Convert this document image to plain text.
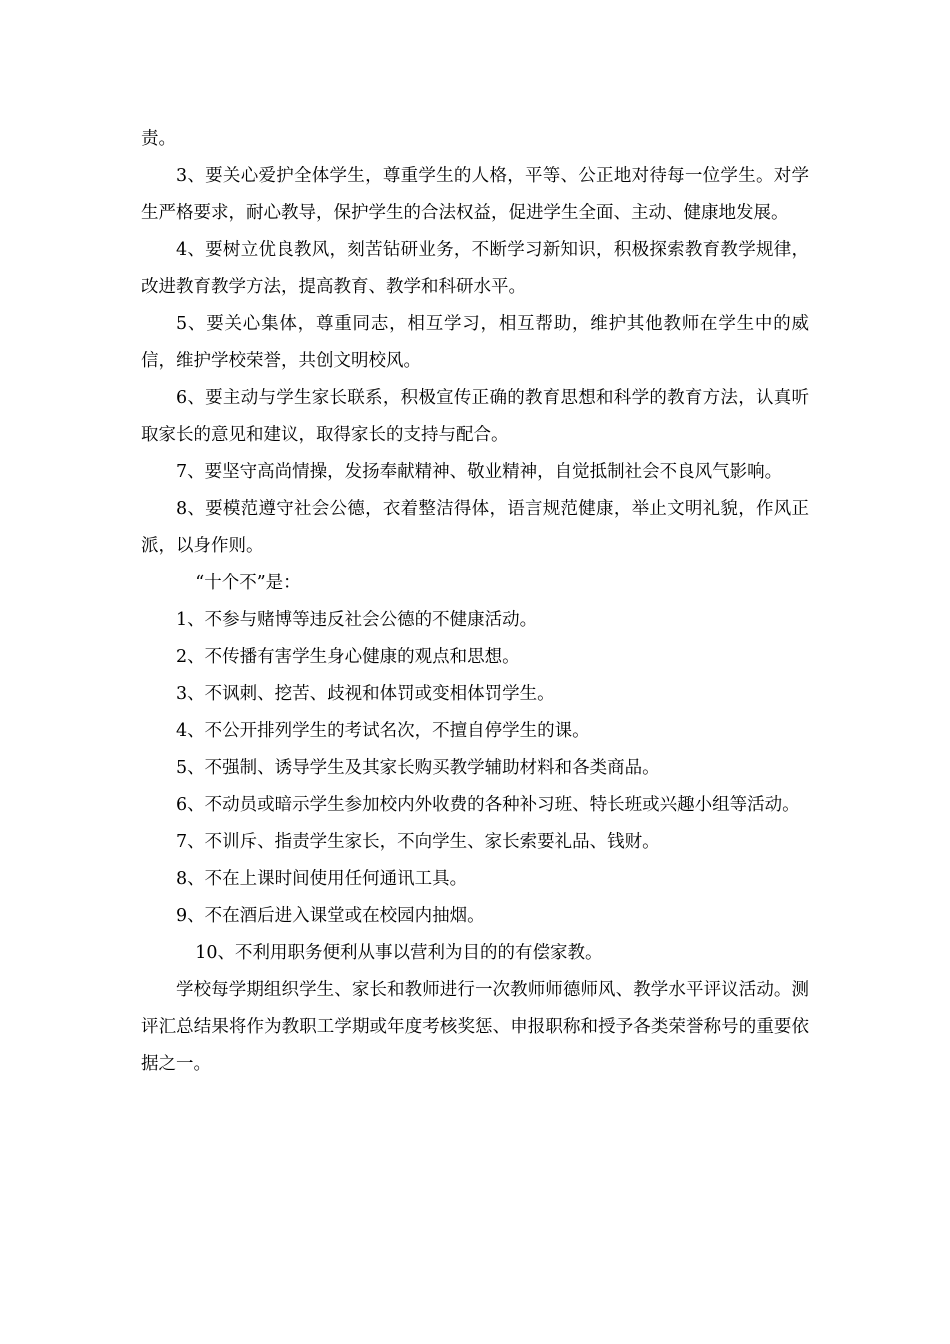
责。

3、要关心爱护全体学生，尊重学生的人格，平等、公正地对待每一位学生。对学生严格要求，耐心教导，保护学生的合法权益，促进学生全面、主动、健康地发展。

4、要树立优良教风，刻苦钻研业务，不断学习新知识，积极探索教育教学规律，改进教育教学方法，提高教育、教学和科研水平。

5、要关心集体，尊重同志，相互学习，相互帮助，维护其他教师在学生中的威信，维护学校荣誉，共创文明校风。

6、要主动与学生家长联系，积极宣传正确的教育思想和科学的教育方法，认真听取家长的意见和建议，取得家长的支持与配合。

7、要坚守高尚情操，发扬奉献精神、敬业精神，自觉抵制社会不良风气影响。

8、要模范遵守社会公德，衣着整洁得体，语言规范健康，举止文明礼貌，作风正派，以身作则。

“十个不”是：

1、不参与赌博等违反社会公德的不健康活动。

2、不传播有害学生身心健康的观点和思想。

3、不讽刺、挖苦、歧视和体罚或变相体罚学生。

4、不公开排列学生的考试名次，不擅自停学生的课。

5、不强制、诱导学生及其家长购买教学辅助材料和各类商品。

6、不动员或暗示学生参加校内外收费的各种补习班、特长班或兴趣小组等活动。

7、不训斥、指责学生家长，不向学生、家长索要礼品、钱财。

8、不在上课时间使用任何通讯工具。

9、不在酒后进入课堂或在校园内抽烟。

10、不利用职务便利从事以营利为目的的有偿家教。

学校每学期组织学生、家长和教师进行一次教师师德师风、教学水平评议活动。测评汇总结果将作为教职工学期或年度考核奖惩、申报职称和授予各类荣誉称号的重要依据之一。
